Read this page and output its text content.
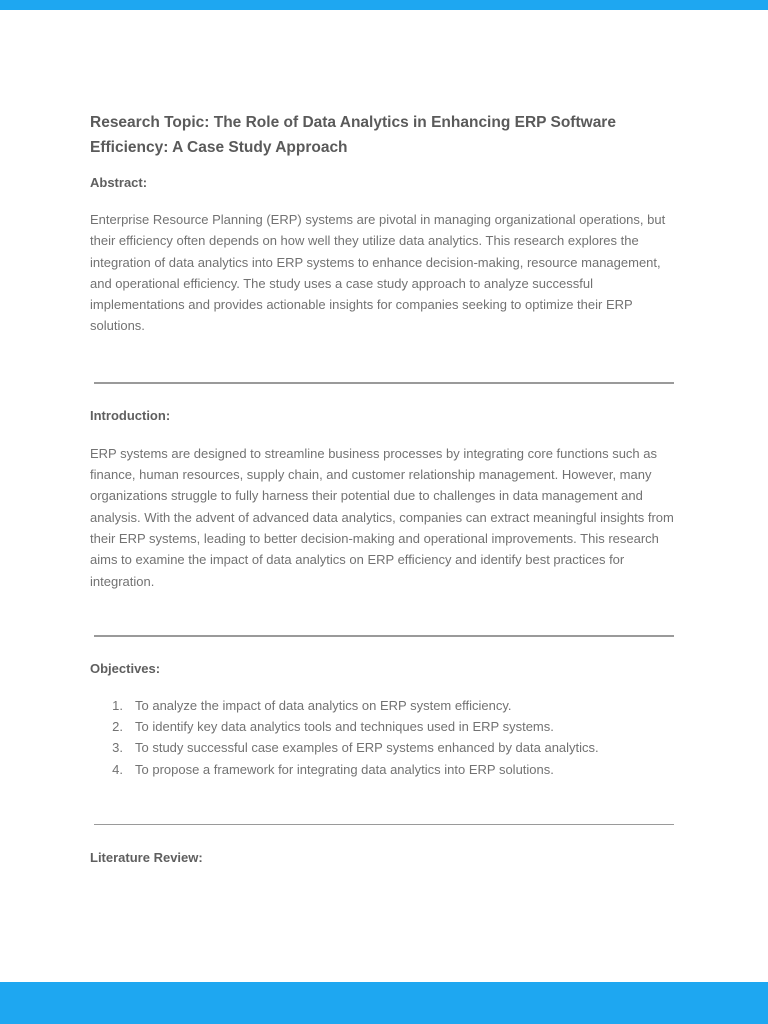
Research Topic: The Role of Data Analytics in Enhancing ERP Software Efficiency: A Case Study Approach
Abstract:

Enterprise Resource Planning (ERP) systems are pivotal in managing organizational operations, but their efficiency often depends on how well they utilize data analytics. This research explores the integration of data analytics into ERP systems to enhance decision-making, resource management, and operational efficiency. The study uses a case study approach to analyze successful implementations and provides actionable insights for companies seeking to optimize their ERP solutions.

Introduction:

ERP systems are designed to streamline business processes by integrating core functions such as finance, human resources, supply chain, and customer relationship management. However, many organizations struggle to fully harness their potential due to challenges in data management and analysis. With the advent of advanced data analytics, companies can extract meaningful insights from their ERP systems, leading to better decision-making and operational improvements. This research aims to examine the impact of data analytics on ERP efficiency and identify best practices for integration.

Objectives:
1. To analyze the impact of data analytics on ERP system efficiency.
2. To identify key data analytics tools and techniques used in ERP systems.
3. To study successful case examples of ERP systems enhanced by data analytics.
4. To propose a framework for integrating data analytics into ERP solutions.
Literature Review:
